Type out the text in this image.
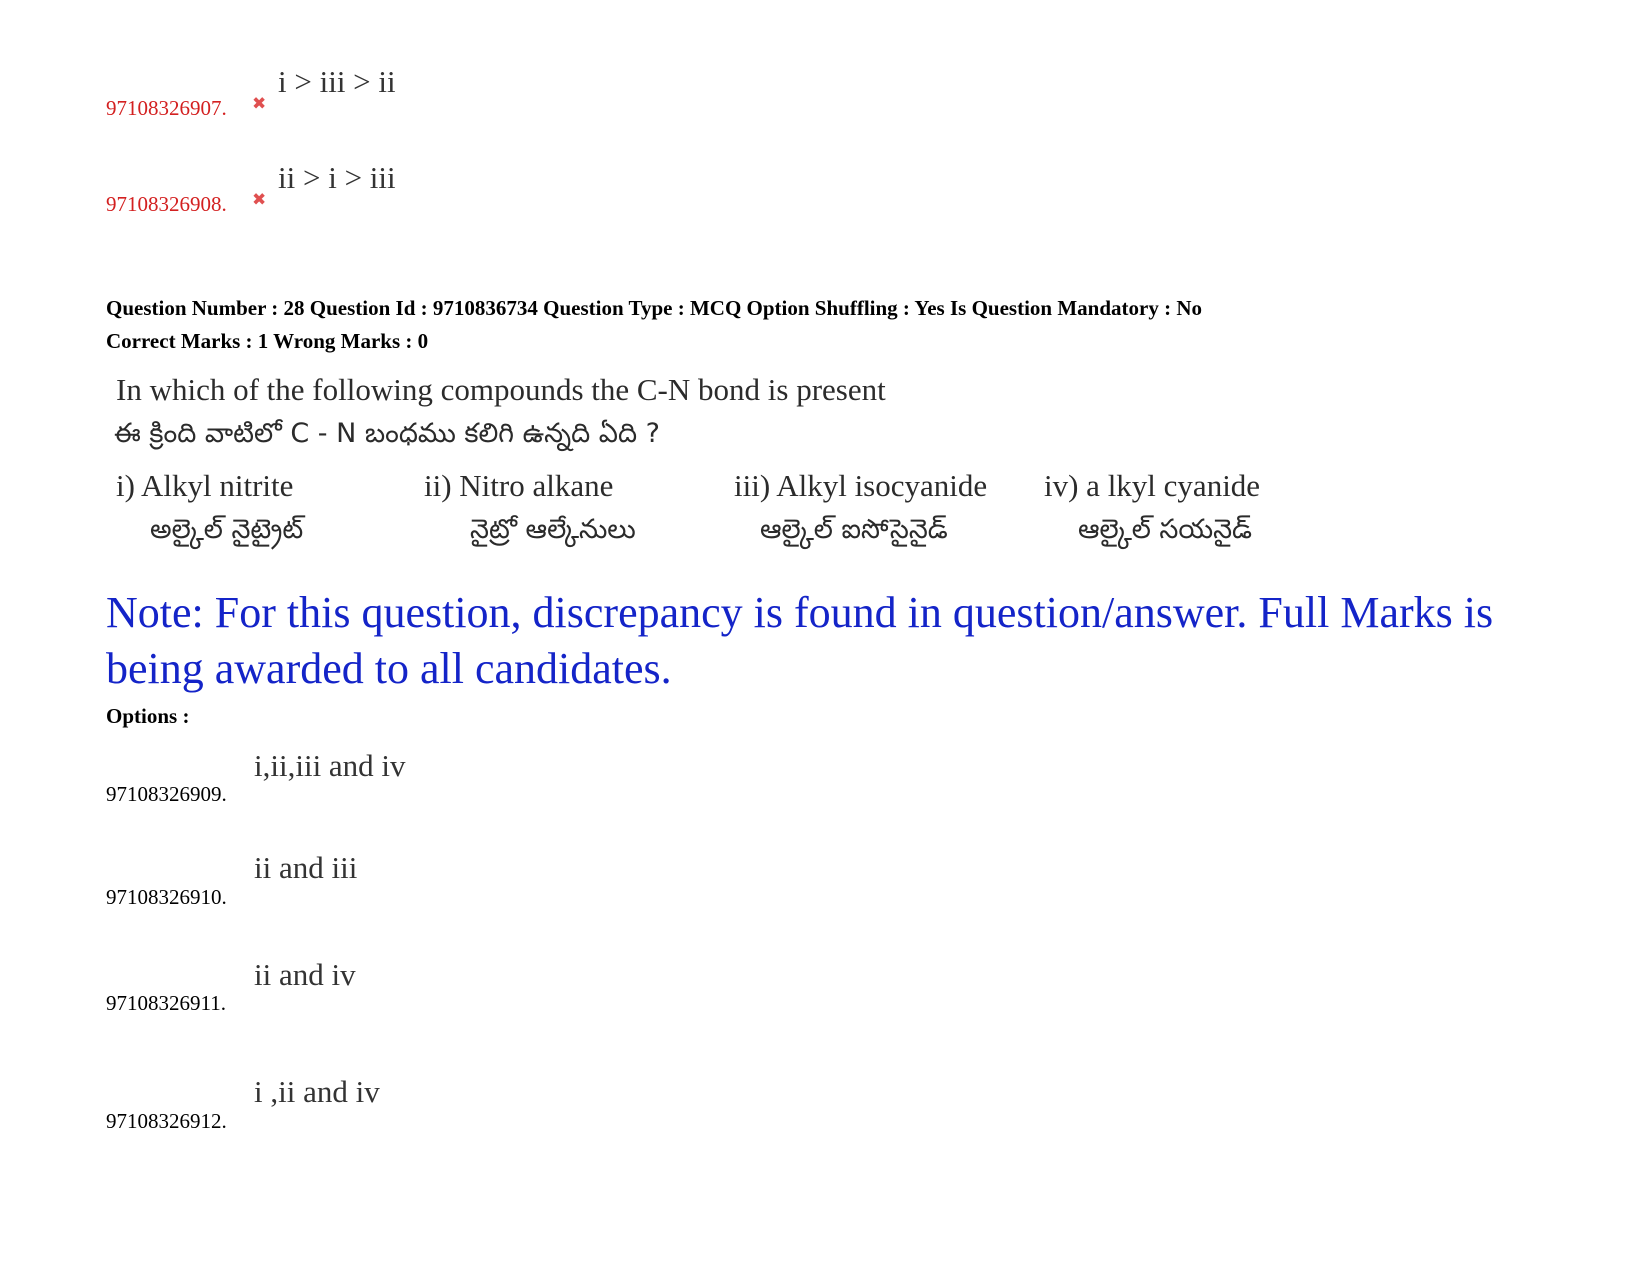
97108326907. ✖
i > iii > ii
97108326908. ✖
ii > i > iii
Question Number : 28 Question Id : 9710836734 Question Type : MCQ Option Shuffling : Yes Is Question Mandatory : No
Correct Marks : 1 Wrong Marks : 0
In which of the following compounds the C-N bond is present
ఈ క్రింది వాటిలో C - N బంధము కలిగి ఉన్నది ఏది ?
i) Alkyl nitrite
అల్కైల్ నైట్రైట్
ii) Nitro alkane
నైట్రో ఆల్కేనులు
iii) Alkyl isocyanide
ఆల్కైల్ ఐసోసైనైడ్
iv) a lkyl cyanide
ఆల్కైల్ సయనైడ్
Note: For this question, discrepancy is found in question/answer. Full Marks is being awarded to all candidates.
Options :
97108326909.
i,ii,iii and iv
97108326910.
ii and iii
97108326911.
ii and iv
97108326912.
i ,ii and iv
